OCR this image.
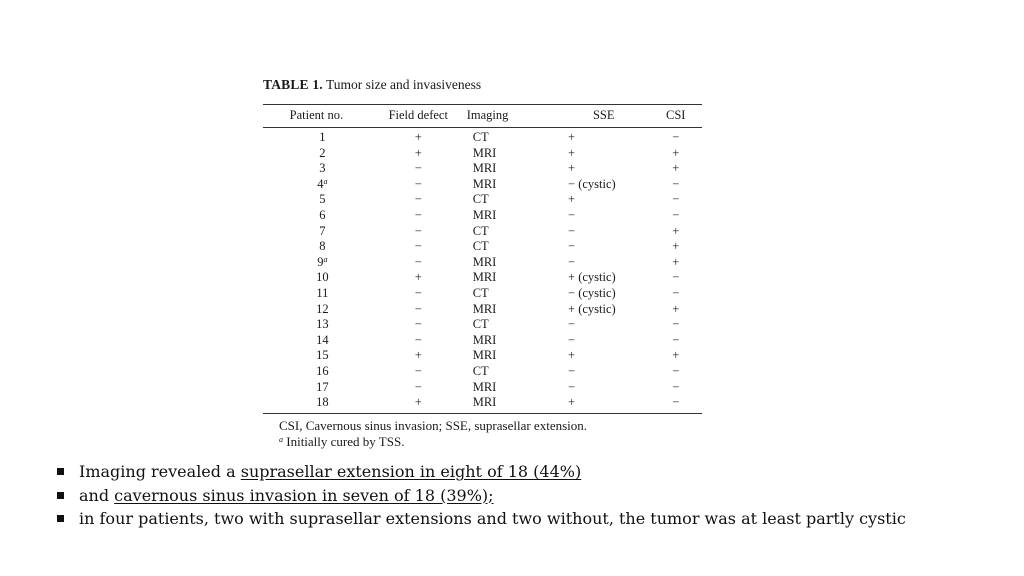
TABLE 1. Tumor size and invasiveness
Patient no.	Field defect	Imaging	SSE	CSI
1	+	CT	+	−
2	+	MRI	+	+
3	−	MRI	+	+
4$^a$	−	MRI	− (cystic)	−
5	−	CT	+	−
6	−	MRI	−	−
7	−	CT	−	+
8	−	CT	−	+
9$^a$	−	MRI	−	+
10	+	MRI	+ (cystic)	−
11	−	CT	− (cystic)	−
12	−	MRI	+ (cystic)	+
13	−	CT	−	−
14	−	MRI	−	−
15	+	MRI	+	+
16	−	CT	−	−
17	−	MRI	−	−
18	+	MRI	+	−
CSI, Cavernous sinus invasion; SSE, suprasellar extension.
$^a$ Initially cured by TSS.
Imaging revealed a suprasellar extension in eight of 18 (44%)
and cavernous sinus invasion in seven of 18 (39%);
in four patients, two with suprasellar extensions and two without, the tumor was at least partly cystic
